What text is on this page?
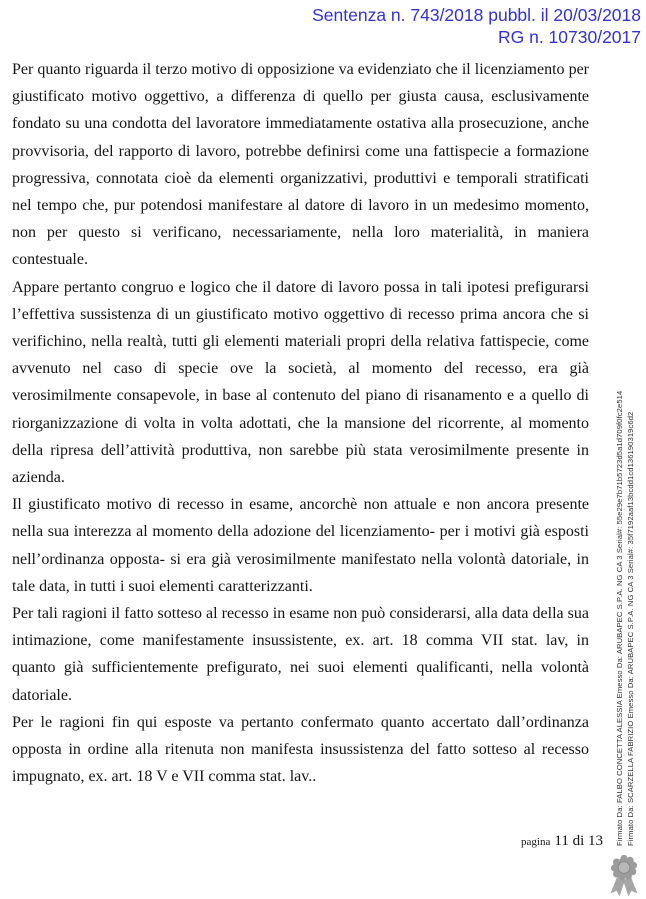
Sentenza n. 743/2018 pubbl. il 20/03/2018
RG n. 10730/2017

Per quanto riguarda il terzo motivo di opposizione va evidenziato che il licenziamento per giustificato motivo oggettivo, a differenza di quello per giusta causa, esclusivamente fondato su una condotta del lavoratore immediatamente ostativa alla prosecuzione, anche provvisoria, del rapporto di lavoro, potrebbe definirsi come una fattispecie a formazione progressiva, connotata cioè da elementi organizzativi, produttivi e temporali stratificati nel tempo che, pur potendosi manifestare al datore di lavoro in un medesimo momento, non per questo si verificano, necessariamente, nella loro materialità, in maniera contestuale.

Appare pertanto congruo e logico che il datore di lavoro possa in tali ipotesi prefigurarsi l’effettiva sussistenza di un giustificato motivo oggettivo di recesso prima ancora che si verifichino, nella realtà, tutti gli elementi materiali propri della relativa fattispecie, come avvenuto nel caso di specie ove la società, al momento del recesso, era già verosimilmente consapevole, in base al contenuto del piano di risanamento e a quello di riorganizzazione di volta in volta adottati, che la mansione del ricorrente, al momento della ripresa dell’attività produttiva, non sarebbe più stata verosimilmente presente in azienda.

Il giustificato motivo di recesso in esame, ancorchè non attuale e non ancora presente nella sua interezza al momento della adozione del licenziamento- per i motivi già esposti nell’ordinanza opposta- si era già verosimilmente manifestato nella volontà datoriale, in tale data, in tutti i suoi elementi caratterizzanti.

Per tali ragioni il fatto sotteso al recesso in esame non può considerarsi, alla data della sua intimazione, come manifestamente insussistente, ex. art. 18 comma VII stat. lav, in quanto già sufficientemente prefigurato, nei suoi elementi qualificanti, nella volontà datoriale.

Per le ragioni fin qui esposte va pertanto confermato quanto accertato dall’ordinanza opposta in ordine alla ritenuta non manifesta insussistenza del fatto sotteso al recesso impugnato, ex. art. 18 V e VII comma stat. lav..

pagina 11 di 13 Firmato Da: FALBO CONCETTA ALESSIA Emesso Da: ARUBAPEC S.P.A. NG CA 3 Serial#: 55e29e7b71b5723d5a1d709f0fc2e514 Firmato Da: SCARZELLA FABRIZIO Emesso Da: ARUBAPEC S.P.A. NG CA 3 Serial#: 35f7192aaf13bcdd1cd136190319c6d2
